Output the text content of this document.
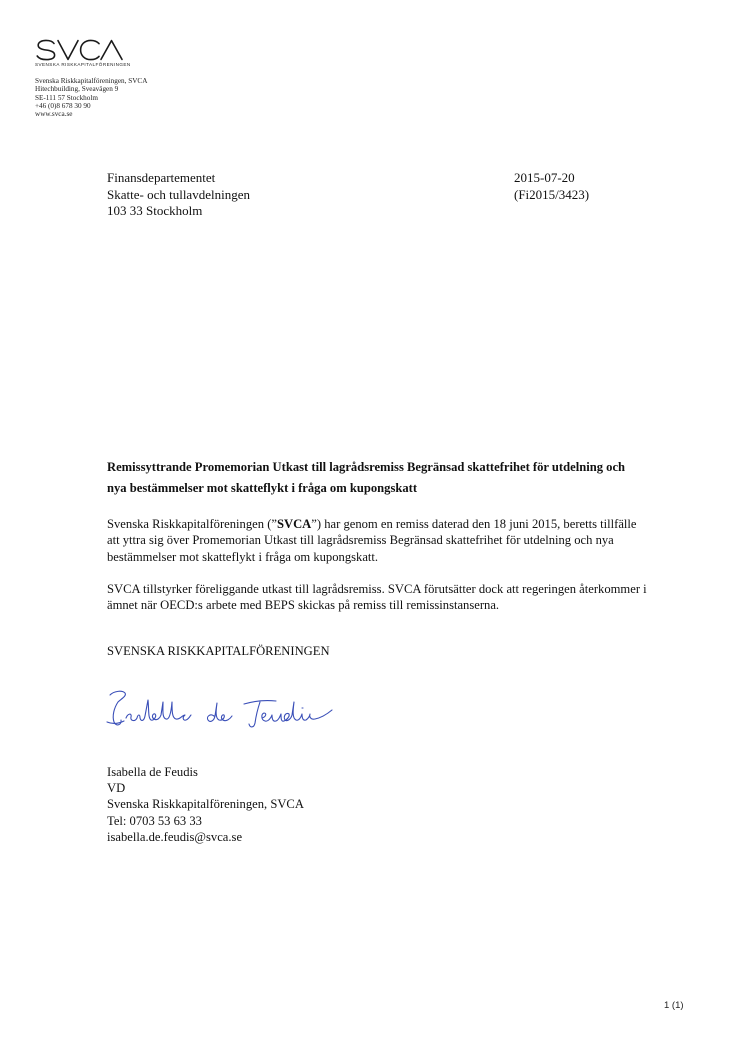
SVENSKA RISKKAPITALFÖRENINGEN
Svenska Riskkapitalföreningen, SVCA
Hitechbuilding, Sveavägen 9
SE-111 57 Stockholm
+46 (0)8 678 30 90
www.svca.se
Finansdepartementet
Skatte- och tullavdelningen
103 33 Stockholm
2015-07-20
(Fi2015/3423)
Remissyttrande Promemorian Utkast till lagrådsremiss Begränsad skattefrihet för utdelning och nya bestämmelser mot skatteflykt i fråga om kupongskatt

Svenska Riskkapitalföreningen (”SVCA”) har genom en remiss daterad den 18 juni 2015, beretts tillfälle att yttra sig över Promemorian Utkast till lagrådsremiss Begränsad skattefrihet för utdelning och nya bestämmelser mot skatteflykt i fråga om kupongskatt.

SVCA tillstyrker föreliggande utkast till lagrådsremiss. SVCA förutsätter dock att regeringen återkommer i ämnet när OECD:s arbete med BEPS skickas på remiss till remissinstanserna.

SVENSKA RISKKAPITALFÖRENINGEN

Isabella de Feudis
VD
Svenska Riskkapitalföreningen, SVCA
Tel: 0703 53 63 33
isabella.de.feudis@svca.se
1 (1)
